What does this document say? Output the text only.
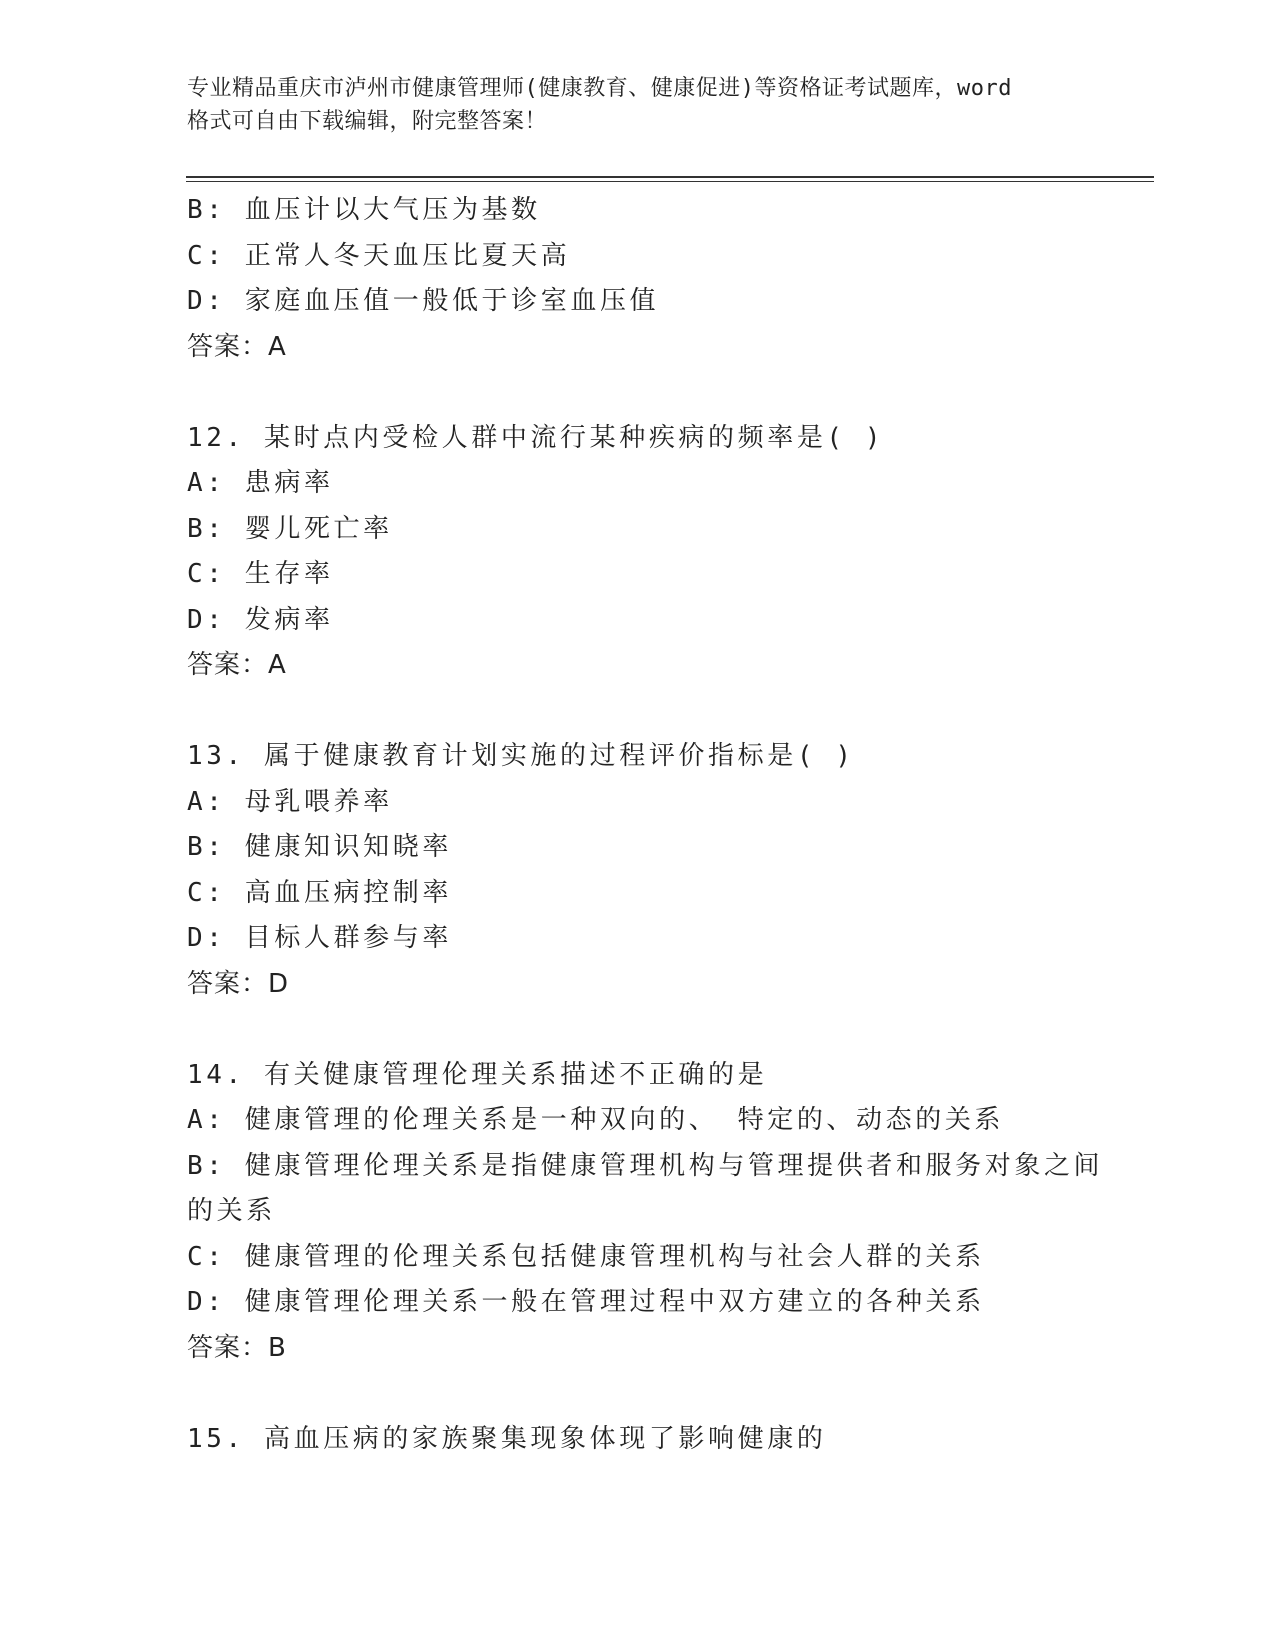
专业精品重庆市泸州市健康管理师(健康教育、健康促进)等资格证考试题库，word
格式可自由下载编辑，附完整答案！
B: 血压计以大气压为基数
C: 正常人冬天血压比夏天高
D: 家庭血压值一般低于诊室血压值
答案：A
12. 某时点内受检人群中流行某种疾病的频率是( )
A: 患病率
B: 婴儿死亡率
C: 生存率
D: 发病率
答案：A
13. 属于健康教育计划实施的过程评价指标是( )
A: 母乳喂养率
B: 健康知识知晓率
C: 高血压病控制率
D: 目标人群参与率
答案：D
14. 有关健康管理伦理关系描述不正确的是
A: 健康管理的伦理关系是一种双向的、 特定的、动态的关系
B: 健康管理伦理关系是指健康管理机构与管理提供者和服务对象之间
的关系
C: 健康管理的伦理关系包括健康管理机构与社会人群的关系
D: 健康管理伦理关系一般在管理过程中双方建立的各种关系
答案：B
15. 高血压病的家族聚集现象体现了影响健康的
